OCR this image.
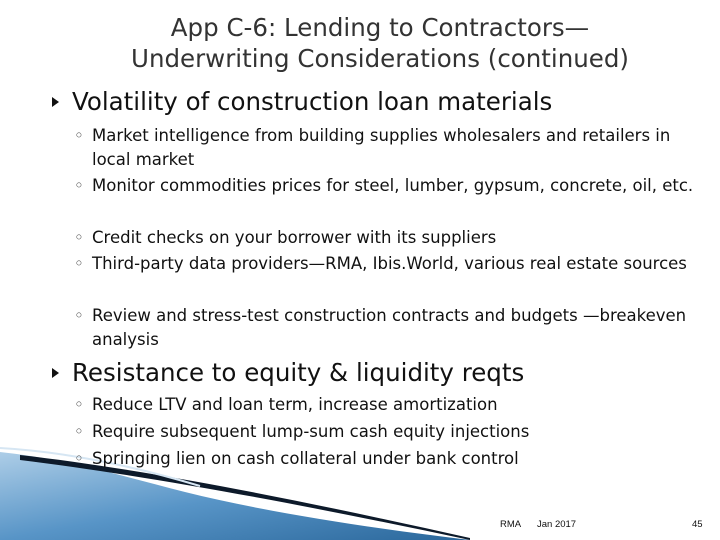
App C-6: Lending to Contractors—
Underwriting Considerations (continued)
Volatility of construction loan materials
◦ Market intelligence from building supplies wholesalers and retailers in local market
◦ Monitor commodities prices for steel, lumber, gypsum, concrete, oil, etc.
◦ Credit checks on your borrower with its suppliers
◦ Third-party data providers—RMA, Ibis.World, various real estate sources
◦ Review and stress-test construction contracts and budgets —breakeven analysis
Resistance to equity & liquidity reqts
◦ Reduce LTV and loan term, increase amortization
◦ Require subsequent lump-sum cash equity injections
◦ Springing lien on cash collateral under bank control
RMA Jan 2017	45
